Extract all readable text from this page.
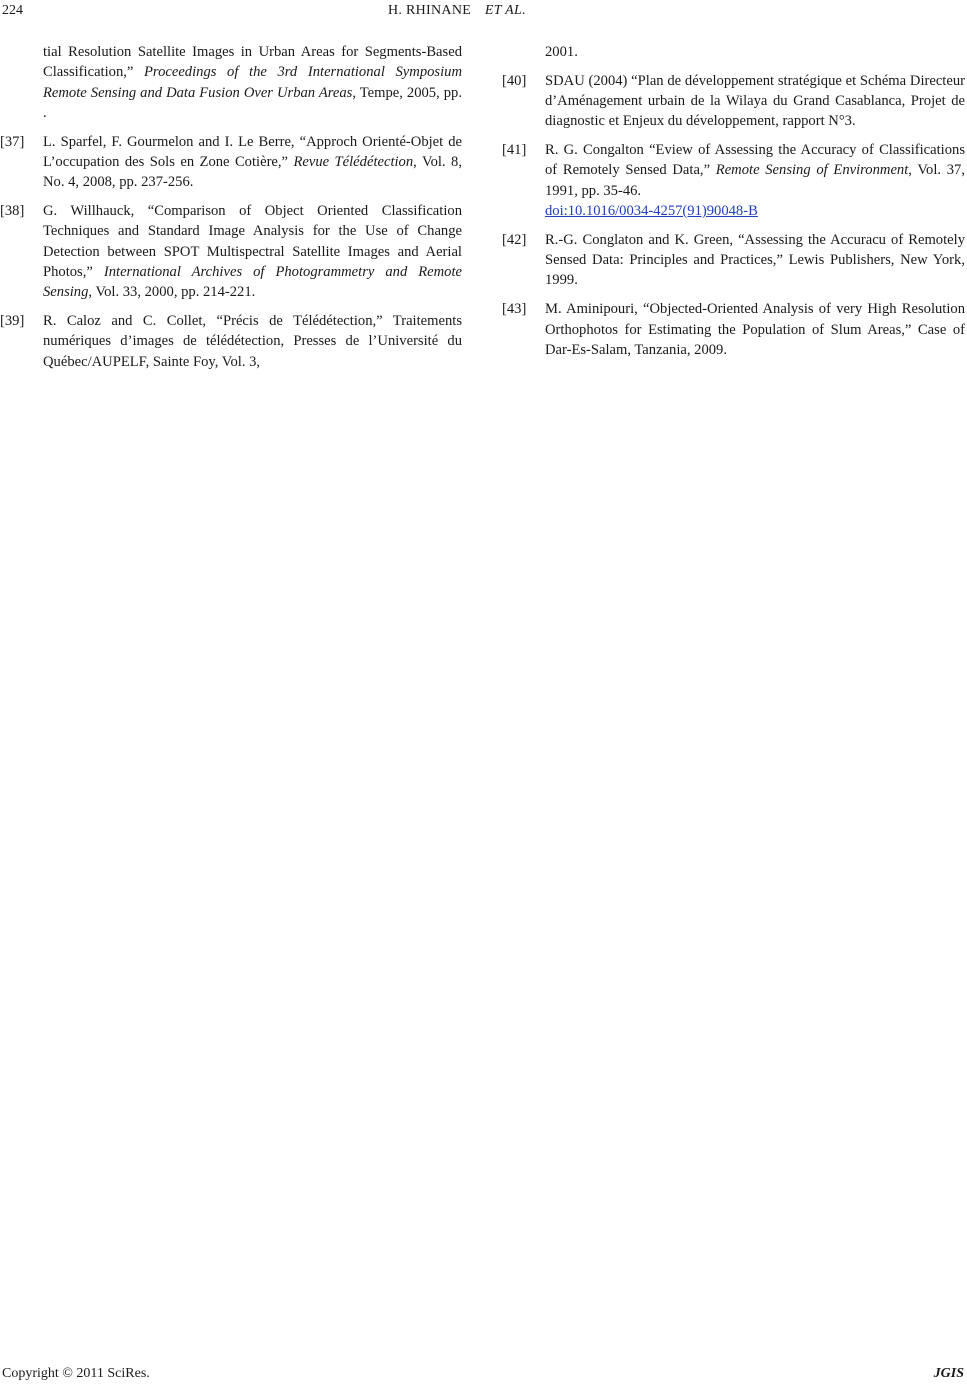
224	H. RHINANE ET AL.
tial Resolution Satellite Images in Urban Areas for Segments-Based Classification,” Proceedings of the 3rd International Symposium Remote Sensing and Data Fusion Over Urban Areas, Tempe, 2005, pp. .
[37]	L. Sparfel, F. Gourmelon and I. Le Berre, “Approch Orienté-Objet de L’occupation des Sols en Zone Cotière,” Revue Télédétection, Vol. 8, No. 4, 2008, pp. 237-256.
[38]	G. Willhauck, “Comparison of Object Oriented Classification Techniques and Standard Image Analysis for the Use of Change Detection between SPOT Multispectral Satellite Images and Aerial Photos,” International Archives of Photogrammetry and Remote Sensing, Vol. 33, 2000, pp. 214-221.
[39]	R. Caloz and C. Collet, “Précis de Télédétection,” Traitements numériques d’images de télédétection, Presses de l’Université du Québec/AUPELF, Sainte Foy, Vol. 3,
2001.
[40]	SDAU (2004) “Plan de développement stratégique et Schéma Directeur d’Aménagement urbain de la Wilaya du Grand Casablanca, Projet de diagnostic et Enjeux du développement, rapport N°3.
[41]	R. G. Congalton “Eview of Assessing the Accuracy of Classifications of Remotely Sensed Data,” Remote Sensing of Environment, Vol. 37, 1991, pp. 35-46.
doi:10.1016/0034-4257(91)90048-B
[42]	R.-G. Conglaton and K. Green, “Assessing the Accuracu of Remotely Sensed Data: Principles and Practices,” Lewis Publishers, New York, 1999.
[43]	M. Aminipouri, “Objected-Oriented Analysis of very High Resolution Orthophotos for Estimating the Population of Slum Areas,” Case of Dar-Es-Salam, Tanzania, 2009.
Copyright © 2011 SciRes.	JGIS
